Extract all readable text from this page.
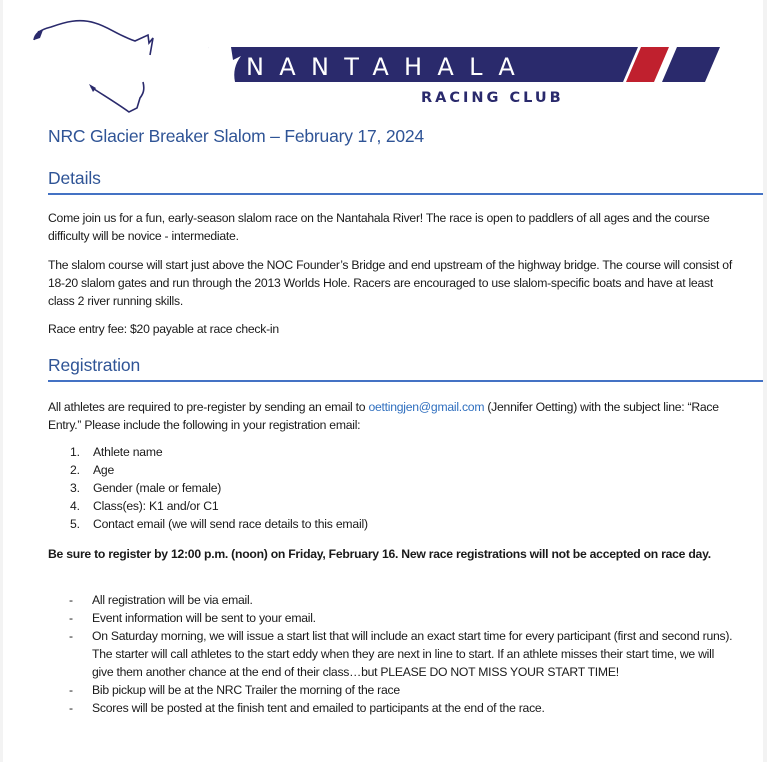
NANTAHALA
RACING CLUB
NRC Glacier Breaker Slalom – February 17, 2024
Details

Come join us for a fun, early-season slalom race on the Nantahala River! The race is open to paddlers of all ages and the course difficulty will be novice - intermediate.

The slalom course will start just above the NOC Founder’s Bridge and end upstream of the highway bridge. The course will consist of 18-20 slalom gates and run through the 2013 Worlds Hole. Racers are encouraged to use slalom-specific boats and have at least class 2 river running skills.

Race entry fee: $20 payable at race check-in

Registration
All athletes are required to pre-register by sending an email to oettingjen@gmail.com (Jennifer Oetting) with the subject line: “Race Entry.” Please include the following in your registration email:
1. Athlete name
2. Age
3. Gender (male or female)
4. Class(es): K1 and/or C1
5. Contact email (we will send race details to this email)

Be sure to register by 12:00 p.m. (noon) on Friday, February 16. New race registrations will not be accepted on race day.

- All registration will be via email.
- Event information will be sent to your email.
- On Saturday morning, we will issue a start list that will include an exact start time for every participant (first and second runs). The starter will call athletes to the start eddy when they are next in line to start. If an athlete misses their start time, we will give them another chance at the end of their class…but PLEASE DO NOT MISS YOUR START TIME!
- Bib pickup will be at the NRC Trailer the morning of the race
- Scores will be posted at the finish tent and emailed to participants at the end of the race.
